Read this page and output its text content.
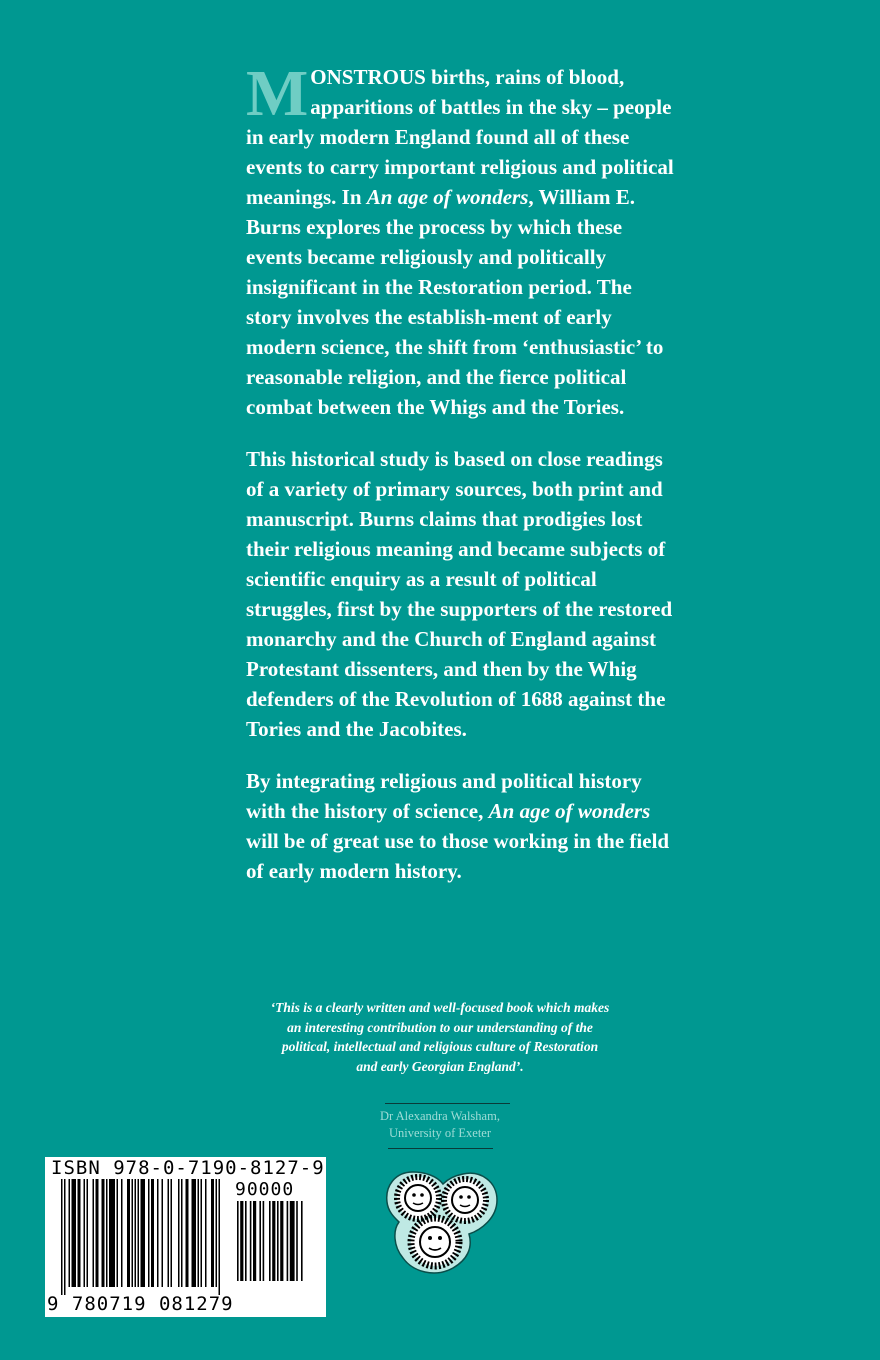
MONSTROUS births, rains of blood, apparitions of battles in the sky – people in early modern England found all of these events to carry important religious and political meanings. In An age of wonders, William E. Burns explores the process by which these events became religiously and politically insignificant in the Restoration period. The story involves the establish-ment of early modern science, the shift from ‘enthusiastic’ to reasonable religion, and the fierce political combat between the Whigs and the Tories.

This historical study is based on close readings of a variety of primary sources, both print and manuscript. Burns claims that prodigies lost their religious meaning and became subjects of scientific enquiry as a result of political struggles, first by the supporters of the restored monarchy and the Church of England against Protestant dissenters, and then by the Whig defenders of the Revolution of 1688 against the Tories and the Jacobites.

By integrating religious and political history with the history of science, An age of wonders will be of great use to those working in the field of early modern history.

‘This is a clearly written and well-focused book which makes an interesting contribution to our understanding of the political, intellectual and religious culture of Restoration and early Georgian England’.
Dr Alexandra Walsham,
University of Exeter
ISBN 978-0-7190-8127-9
90000
9 780719 081279
